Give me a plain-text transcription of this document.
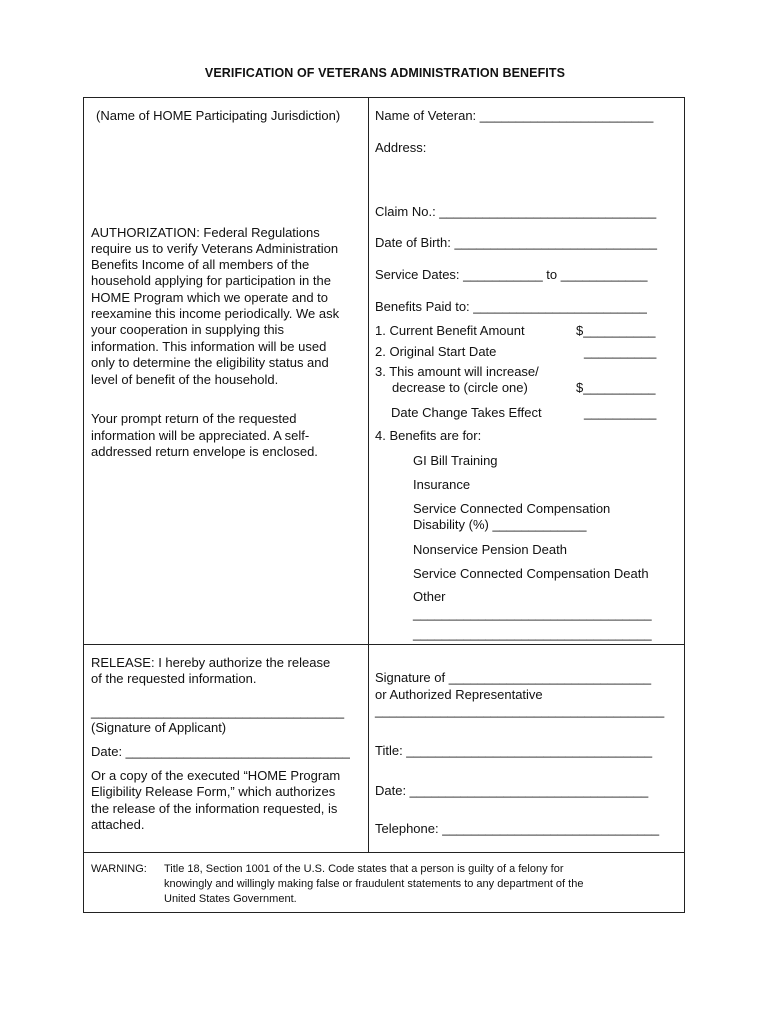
VERIFICATION OF VETERANS ADMINISTRATION BENEFITS
(Name of HOME Participating Jurisdiction)
AUTHORIZATION: Federal Regulations
require us to verify Veterans Administration
Benefits Income of all members of the
household applying for participation in the
HOME Program which we operate and to
reexamine this income periodically. We ask
your cooperation in supplying this
information. This information will be used
only to determine the eligibility status and
level of benefit of the household.
Your prompt return of the requested
information will be appreciated. A self-
addressed return envelope is enclosed.
Name of Veteran: ________________________
Address:
Claim No.: ______________________________
Date of Birth: ____________________________
Service Dates: ___________ to ____________
Benefits Paid to: ________________________
1. Current Benefit Amount	$__________
2. Original Start Date	__________
3. This amount will increase/
decrease to (circle one)	$__________
Date Change Takes Effect	__________
4. Benefits are for:
GI Bill Training
Insurance
Service Connected Compensation
Disability (%) _____________
Nonservice Pension Death
Service Connected Compensation Death
Other
_________________________________
_________________________________
RELEASE: I hereby authorize the release
of the requested information.
___________________________________
(Signature of Applicant)
Date: _______________________________
Or a copy of the executed “HOME Program
Eligibility Release Form,” which authorizes
the release of the information requested, is
attached.
Signature of ____________________________
or Authorized Representative
________________________________________
Title: __________________________________
Date: _________________________________
Telephone: ______________________________
WARNING: Title 18, Section 1001 of the U.S. Code states that a person is guilty of a felony for
knowingly and willingly making false or fraudulent statements to any department of the
United States Government.
